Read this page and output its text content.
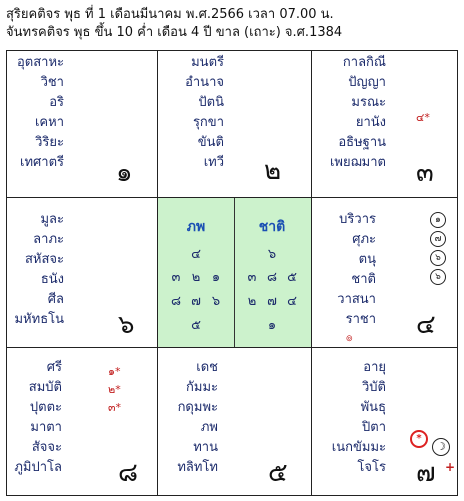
สุริยคติจร พุธ ที่ 1 เดือนมีนาคม พ.ศ.2566 เวลา 07.00 น.
จันทรคติจร พุธ ขึ้น 10 ค่ำ เดือน 4 ปี ขาล (เถาะ) จ.ศ.1384
อุตสาหะ
วิชา
อริ
เคหา
วิริยะ
เทศาตรี ๑
มนตรี
อำนาจ
ปัตนิ
รุกขา
ขันติ
เทวี ๒
กาลกิณี
ปัญญา
มรณะ
ยานัง
อธิษฐาน
เพยฌมาต
๔*
๓
มูละ
ลาภะ
สหัสจะ
ธนัง
ศีล
มหัทธโน ๖
ภพ	ชาติ
๔
๓ ๒ ๑
๘ ๗ ๖
๕
๖
๓ ๘ ๕
๒ ๗ ๔
๑
บริวาร
ศุภะ
ตนุ
ชาติ
วาสนา
ราชา
๏
๑
๗
๖
๖
๔
ศรี
สมบัติ
ปุตตะ
มาตา
สัจจะ
ภูมิปาโล
๑*
๒*
๓*
๘
เดช
กัมมะ
กดุมพะ
ภพ
ทาน
ทลิทโท ๕
อายุ
วิบัติ
พันธุ
ปิตา
เนกขัมมะ
โจโร
*
☽
๗ +
